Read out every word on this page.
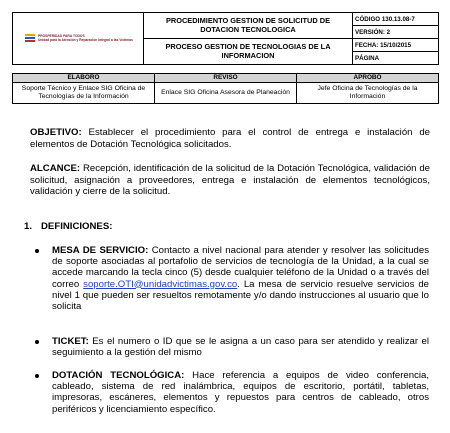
PROSPERIDAD PARA TODOS
Unidad para la Atención y Reparación Integral a las Víctimas	PROCEDIMIENTO GESTION DE SOLICITUD DE DOTACION TECNOLOGICA	CÓDIGO 130.13.08-7
		VERSIÓN: 2
	PROCESO GESTION DE TECNOLOGIAS DE LA INFORMACION	FECHA: 15/10/2015
		PÁGINA
ELABORÓ	REVISÓ	APROBÓ
Soporte Técnico y Enlace SIG Oficina de Tecnologías de la Información	Enlace SIG Oficina Asesora de Planeación	Jefe Oficina de Tecnologías de la Información
OBJETIVO: Establecer el procedimiento para el control de entrega e instalación de elementos de Dotación Tecnológica solicitados.
ALCANCE: Recepción, identificación de la solicitud de la Dotación Tecnológica, validación de solicitud, asignación a proveedores, entrega e instalación de elementos tecnológicos, validación y cierre de la solicitud.
1. DEFINICIONES:
MESA DE SERVICIO: Contacto a nivel nacional para atender y resolver las solicitudes de soporte asociadas al portafolio de servicios de tecnología de la Unidad, a la cual se accede marcando la tecla cinco (5) desde cualquier teléfono de la Unidad o a través del correo soporte.OTI@unidadvictimas.gov.co. La mesa de servicio resuelve servicios de nivel 1 que pueden ser resueltos remotamente y/o dando instrucciones al usuario que lo solicita
TICKET: Es el numero o ID que se le asigna a un caso para ser atendido y realizar el seguimiento a la gestión del mismo
DOTACIÓN TECNOLÓGICA: Hace referencia a equipos de video conferencia, cableado, sistema de red inalámbrica, equipos de escritorio, portátil, tabletas, impresoras, escáneres, elementos y repuestos para centros de cableado, otros periféricos y licenciamiento específico.
